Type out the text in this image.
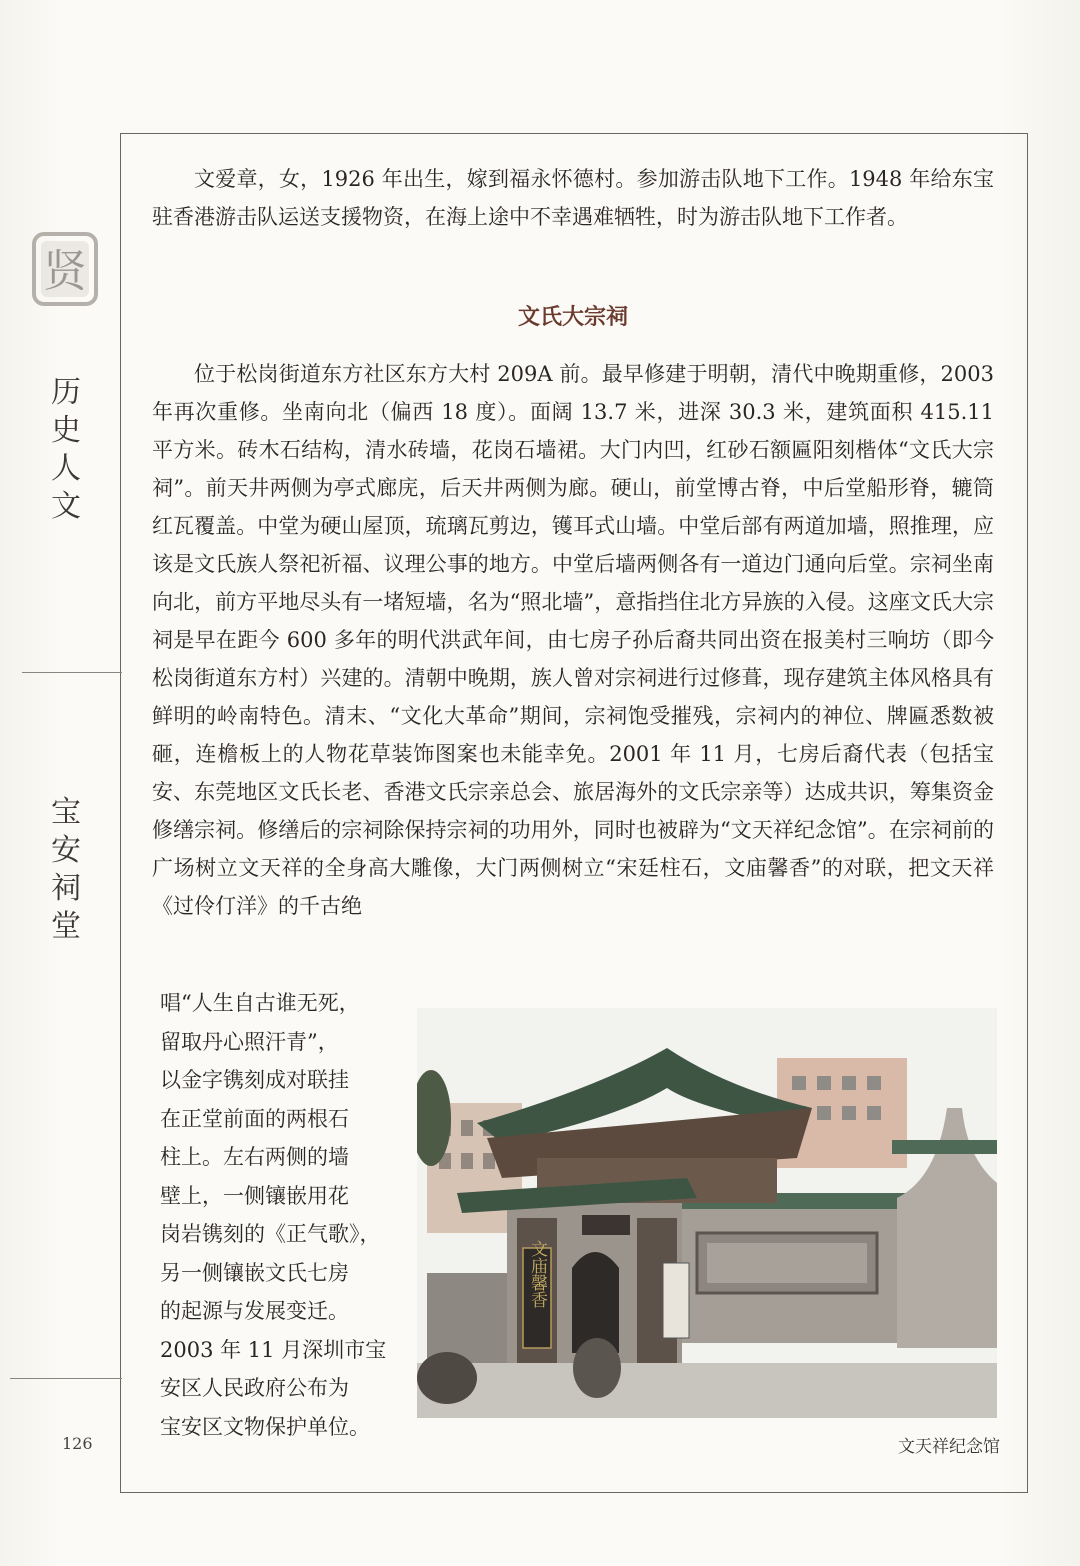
贤
历
史
人
文
宝
安
祠
堂
文爱章，女，1926 年出生，嫁到福永怀德村。参加游击队地下工作。1948 年给东宝驻香港游击队运送支援物资，在海上途中不幸遇难牺牲，时为游击队地下工作者。
文氏大宗祠
位于松岗街道东方社区东方大村 209A 前。最早修建于明朝，清代中晚期重修，2003 年再次重修。坐南向北（偏西 18 度）。面阔 13.7 米，进深 30.3 米，建筑面积 415.11 平方米。砖木石结构，清水砖墙，花岗石墙裙。大门内凹，红砂石额匾阳刻楷体“文氏大宗祠”。前天井两侧为亭式廊庑，后天井两侧为廊。硬山，前堂博古脊，中后堂船形脊，辘筒红瓦覆盖。中堂为硬山屋顶，琉璃瓦剪边，镬耳式山墙。中堂后部有两道加墙，照推理，应该是文氏族人祭祀祈福、议理公事的地方。中堂后墙两侧各有一道边门通向后堂。宗祠坐南向北，前方平地尽头有一堵短墙，名为“照北墙”，意指挡住北方异族的入侵。这座文氏大宗祠是早在距今 600 多年的明代洪武年间，由七房子孙后裔共同出资在报美村三响坊（即今松岗街道东方村）兴建的。清朝中晚期，族人曾对宗祠进行过修葺，现存建筑主体风格具有鲜明的岭南特色。清末、“文化大革命”期间，宗祠饱受摧残，宗祠内的神位、牌匾悉数被砸，连檐板上的人物花草装饰图案也未能幸免。2001 年 11 月，七房后裔代表（包括宝安、东莞地区文氏长老、香港文氏宗亲总会、旅居海外的文氏宗亲等）达成共识，筹集资金修缮宗祠。修缮后的宗祠除保持宗祠的功用外，同时也被辟为“文天祥纪念馆”。在宗祠前的广场树立文天祥的全身高大雕像，大门两侧树立“宋廷柱石，文庙馨香”的对联，把文天祥《过伶仃洋》的千古绝
唱“人生自古谁无死，
留取丹心照汗青”，
以金字镌刻成对联挂
在正堂前面的两根石
柱上。左右两侧的墙
壁上，一侧镶嵌用花
岗岩镌刻的《正气歌》，
另一侧镶嵌文氏七房
的起源与发展变迁。
2003 年 11 月深圳市宝
安区人民政府公布为
宝安区文物保护单位。
文庙馨香
文天祥纪念馆
126
